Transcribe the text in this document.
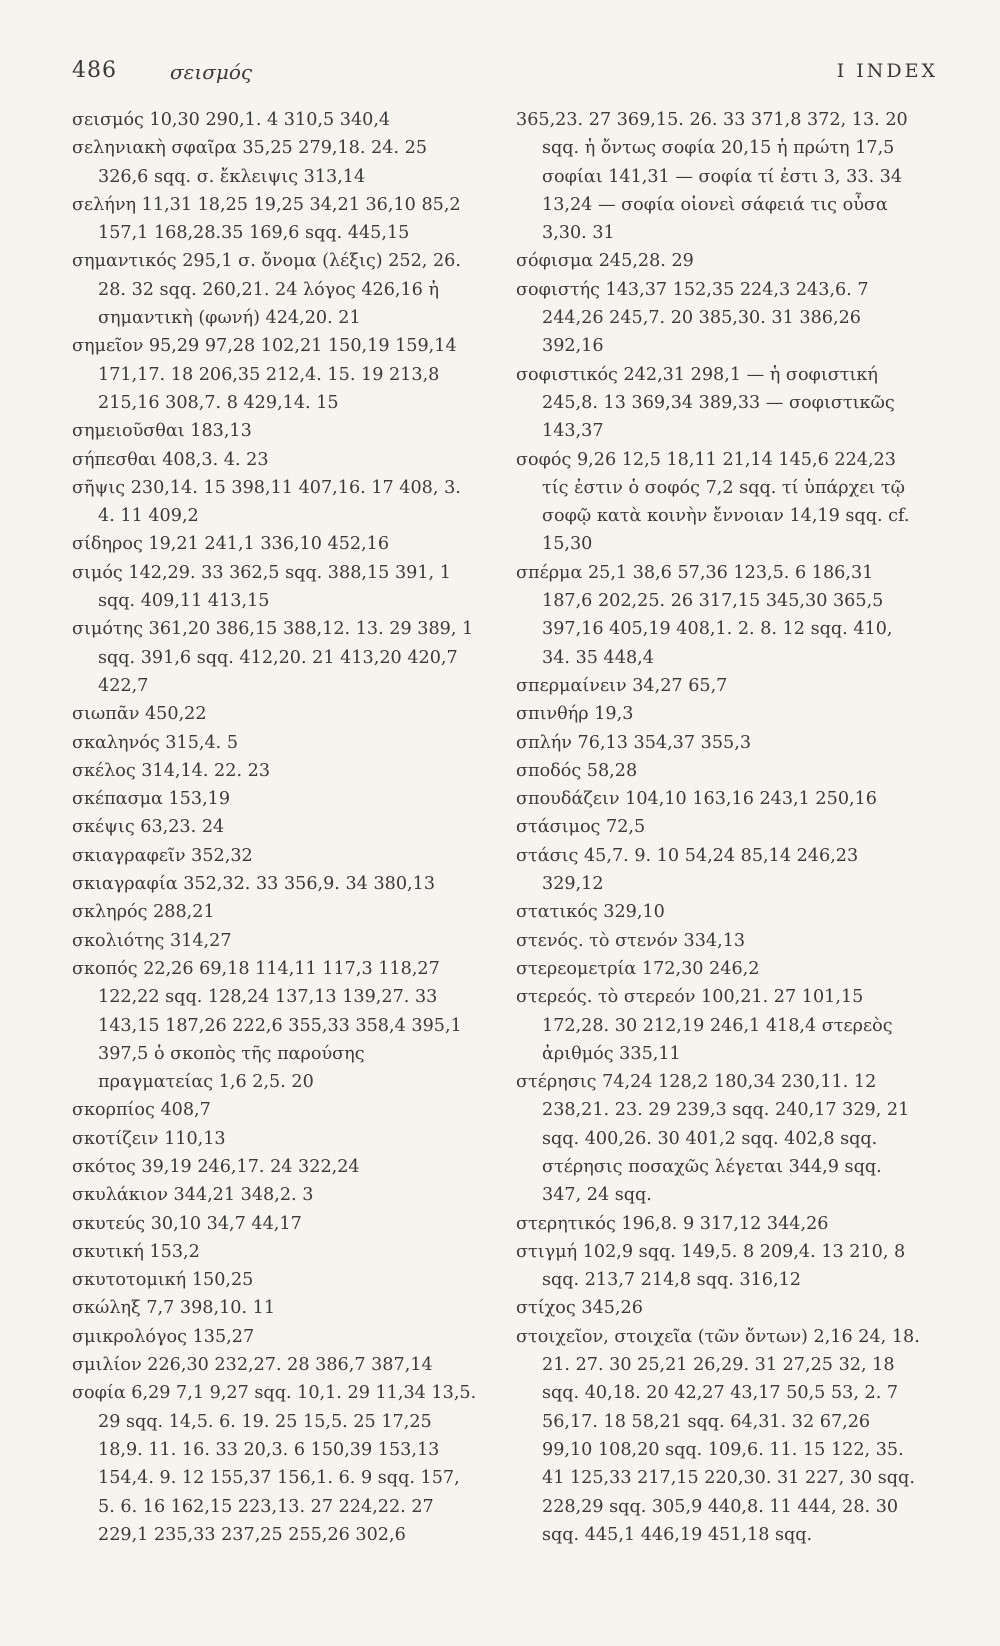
486	σεισμός	I INDEX
σεισμός 10,30 290,1. 4 310,5 340,4
σεληνιακὴ σφαῖρα 35,25 279,18. 24. 25 326,6 sqq. σ. ἔκλειψις 313,14
σελήνη 11,31 18,25 19,25 34,21 36,10 85,2 157,1 168,28.35 169,6 sqq. 445,15
σημαντικός 295,1 σ. ὄνομα (λέξις) 252, 26. 28. 32 sqq. 260,21. 24 λόγος 426,16 ἡ σημαντικὴ (φωνή) 424,20. 21
σημεῖον 95,29 97,28 102,21 150,19 159,14 171,17. 18 206,35 212,4. 15. 19 213,8 215,16 308,7. 8 429,14. 15
σημειοῦσθαι 183,13
σήπεσθαι 408,3. 4. 23
σῆψις 230,14. 15 398,11 407,16. 17 408, 3. 4. 11 409,2
σίδηρος 19,21 241,1 336,10 452,16
σιμός 142,29. 33 362,5 sqq. 388,15 391, 1 sqq. 409,11 413,15
σιμότης 361,20 386,15 388,12. 13. 29 389, 1 sqq. 391,6 sqq. 412,20. 21 413,20 420,7 422,7
σιωπᾶν 450,22
σκαληνός 315,4. 5
σκέλος 314,14. 22. 23
σκέπασμα 153,19
σκέψις 63,23. 24
σκιαγραφεῖν 352,32
σκιαγραφία 352,32. 33 356,9. 34 380,13
σκληρός 288,21
σκολιότης 314,27
σκοπός 22,26 69,18 114,11 117,3 118,27 122,22 sqq. 128,24 137,13 139,27. 33 143,15 187,26 222,6 355,33 358,4 395,1 397,5 ὁ σκοπὸς τῆς παρούσης πραγματείας 1,6 2,5. 20
σκορπίος 408,7
σκοτίζειν 110,13
σκότος 39,19 246,17. 24 322,24
σκυλάκιον 344,21 348,2. 3
σκυτεύς 30,10 34,7 44,17
σκυτική 153,2
σκυτοτομική 150,25
σκώληξ 7,7 398,10. 11
σμικρολόγος 135,27
σμιλίον 226,30 232,27. 28 386,7 387,14
σοφία 6,29 7,1 9,27 sqq. 10,1. 29 11,34 13,5. 29 sqq. 14,5. 6. 19. 25 15,5. 25 17,25 18,9. 11. 16. 33 20,3. 6 150,39 153,13 154,4. 9. 12 155,37 156,1. 6. 9 sqq. 157, 5. 6. 16 162,15 223,13. 27 224,22. 27 229,1 235,33 237,25 255,26 302,6
365,23. 27 369,15. 26. 33 371,8 372, 13. 20 sqq. ἡ ὄντως σοφία 20,15 ἡ πρώτη 17,5 σοφίαι 141,31 — σοφία τί ἐστι 3, 33. 34 13,24 — σοφία οἱονεὶ σάφειά τις οὖσα 3,30. 31
σόφισμα 245,28. 29
σοφιστής 143,37 152,35 224,3 243,6. 7 244,26 245,7. 20 385,30. 31 386,26 392,16
σοφιστικός 242,31 298,1 — ἡ σοφιστική 245,8. 13 369,34 389,33 — σοφιστικῶς 143,37
σοφός 9,26 12,5 18,11 21,14 145,6 224,23 τίς ἐστιν ὁ σοφός 7,2 sqq. τί ὑπάρχει τῷ σοφῷ κατὰ κοινὴν ἔννοιαν 14,19 sqq. cf. 15,30
σπέρμα 25,1 38,6 57,36 123,5. 6 186,31 187,6 202,25. 26 317,15 345,30 365,5 397,16 405,19 408,1. 2. 8. 12 sqq. 410, 34. 35 448,4
σπερμαίνειν 34,27 65,7
σπινθήρ 19,3
σπλήν 76,13 354,37 355,3
σποδός 58,28
σπουδάζειν 104,10 163,16 243,1 250,16
στάσιμος 72,5
στάσις 45,7. 9. 10 54,24 85,14 246,23 329,12
στατικός 329,10
στενός. τὸ στενόν 334,13
στερεομετρία 172,30 246,2
στερεός. τὸ στερεόν 100,21. 27 101,15 172,28. 30 212,19 246,1 418,4 στερεὸς ἀριθμός 335,11
στέρησις 74,24 128,2 180,34 230,11. 12 238,21. 23. 29 239,3 sqq. 240,17 329, 21 sqq. 400,26. 30 401,2 sqq. 402,8 sqq. στέρησις ποσαχῶς λέγεται 344,9 sqq. 347, 24 sqq.
στερητικός 196,8. 9 317,12 344,26
στιγμή 102,9 sqq. 149,5. 8 209,4. 13 210, 8 sqq. 213,7 214,8 sqq. 316,12
στίχος 345,26
στοιχεῖον, στοιχεῖα (τῶν ὄντων) 2,16 24, 18. 21. 27. 30 25,21 26,29. 31 27,25 32, 18 sqq. 40,18. 20 42,27 43,17 50,5 53, 2. 7 56,17. 18 58,21 sqq. 64,31. 32 67,26 99,10 108,20 sqq. 109,6. 11. 15 122, 35. 41 125,33 217,15 220,30. 31 227, 30 sqq. 228,29 sqq. 305,9 440,8. 11 444, 28. 30 sqq. 445,1 446,19 451,18 sqq.
